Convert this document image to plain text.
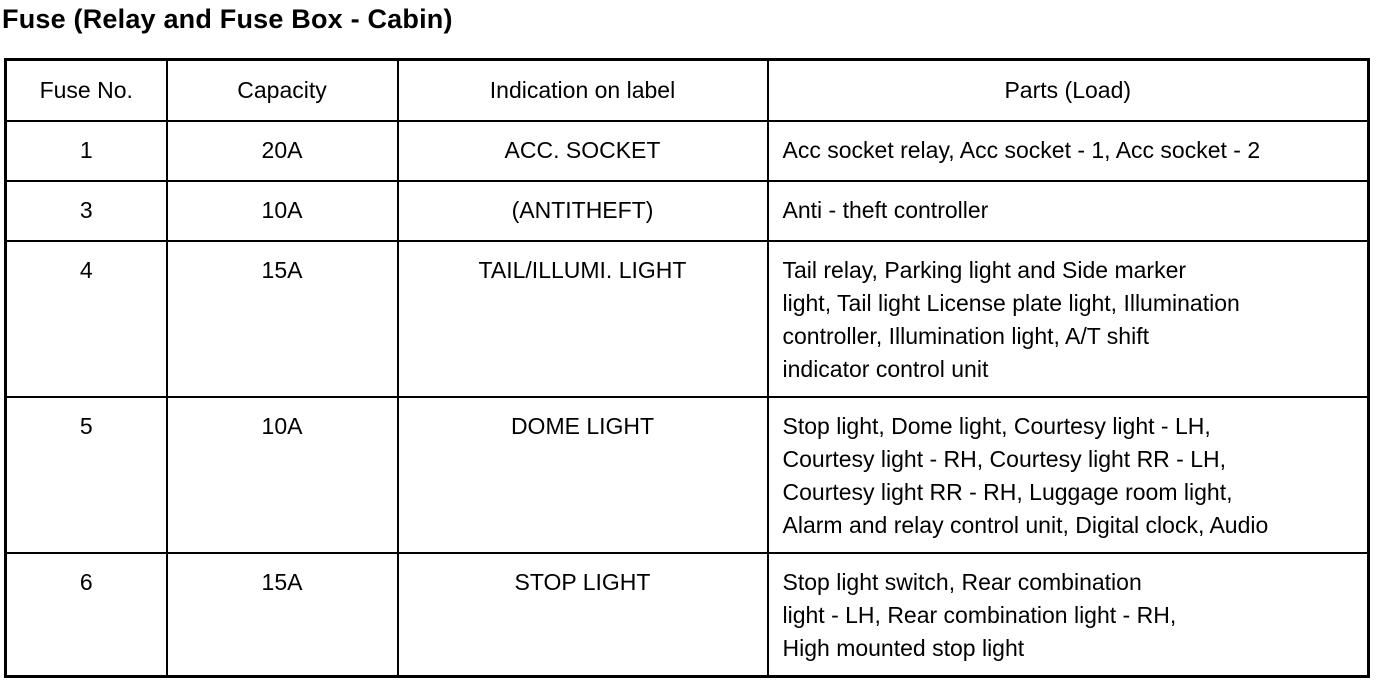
Fuse (Relay and Fuse Box - Cabin)
Fuse No.	Capacity	Indication on label	Parts (Load)
1	20A	ACC. SOCKET	Acc socket relay, Acc socket - 1, Acc socket - 2
3	10A	(ANTITHEFT)	Anti - theft controller
4	15A	TAIL/ILLUMI. LIGHT	Tail relay, Parking light and Side marker
light, Tail light License plate light, Illumination
controller, Illumination light, A/T shift
indicator control unit
5	10A	DOME LIGHT	Stop light, Dome light, Courtesy light - LH,
Courtesy light - RH, Courtesy light RR - LH,
Courtesy light RR - RH, Luggage room light,
Alarm and relay control unit, Digital clock, Audio
6	15A	STOP LIGHT	Stop light switch, Rear combination
light - LH, Rear combination light - RH,
High mounted stop light
